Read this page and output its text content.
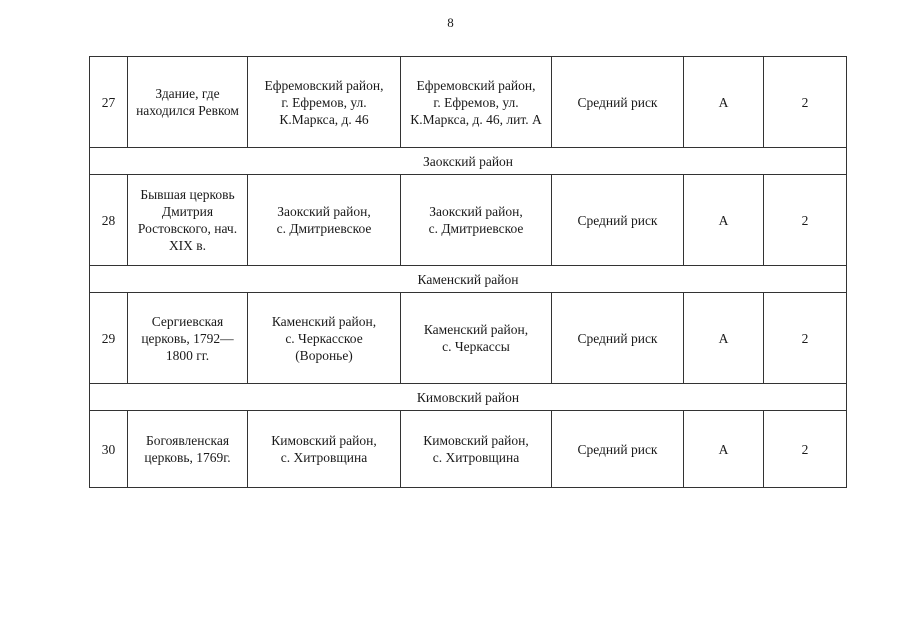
8
27	Здание, где
находился Ревком	Ефремовский район,
г. Ефремов, ул.
К.Маркса, д. 46	Ефремовский район,
г. Ефремов, ул.
К.Маркса, д. 46, лит. А	Средний риск	А	2
Заокский район						
28	Бывшая церковь
Дмитрия
Ростовского, нач.
XIX в.	Заокский район,
с. Дмитриевское	Заокский район,
с. Дмитриевское	Средний риск	А	2
Каменский район						
29	Сергиевская
церковь, 1792—
1800 гг.	Каменский район,
с. Черкасское
(Воронье)	Каменский район,
с. Черкассы	Средний риск	А	2
Кимовский район						
30	Богоявленская
церковь, 1769г.	Кимовский район,
с. Хитровщина	Кимовский район,
с. Хитровщина	Средний риск	А	2
